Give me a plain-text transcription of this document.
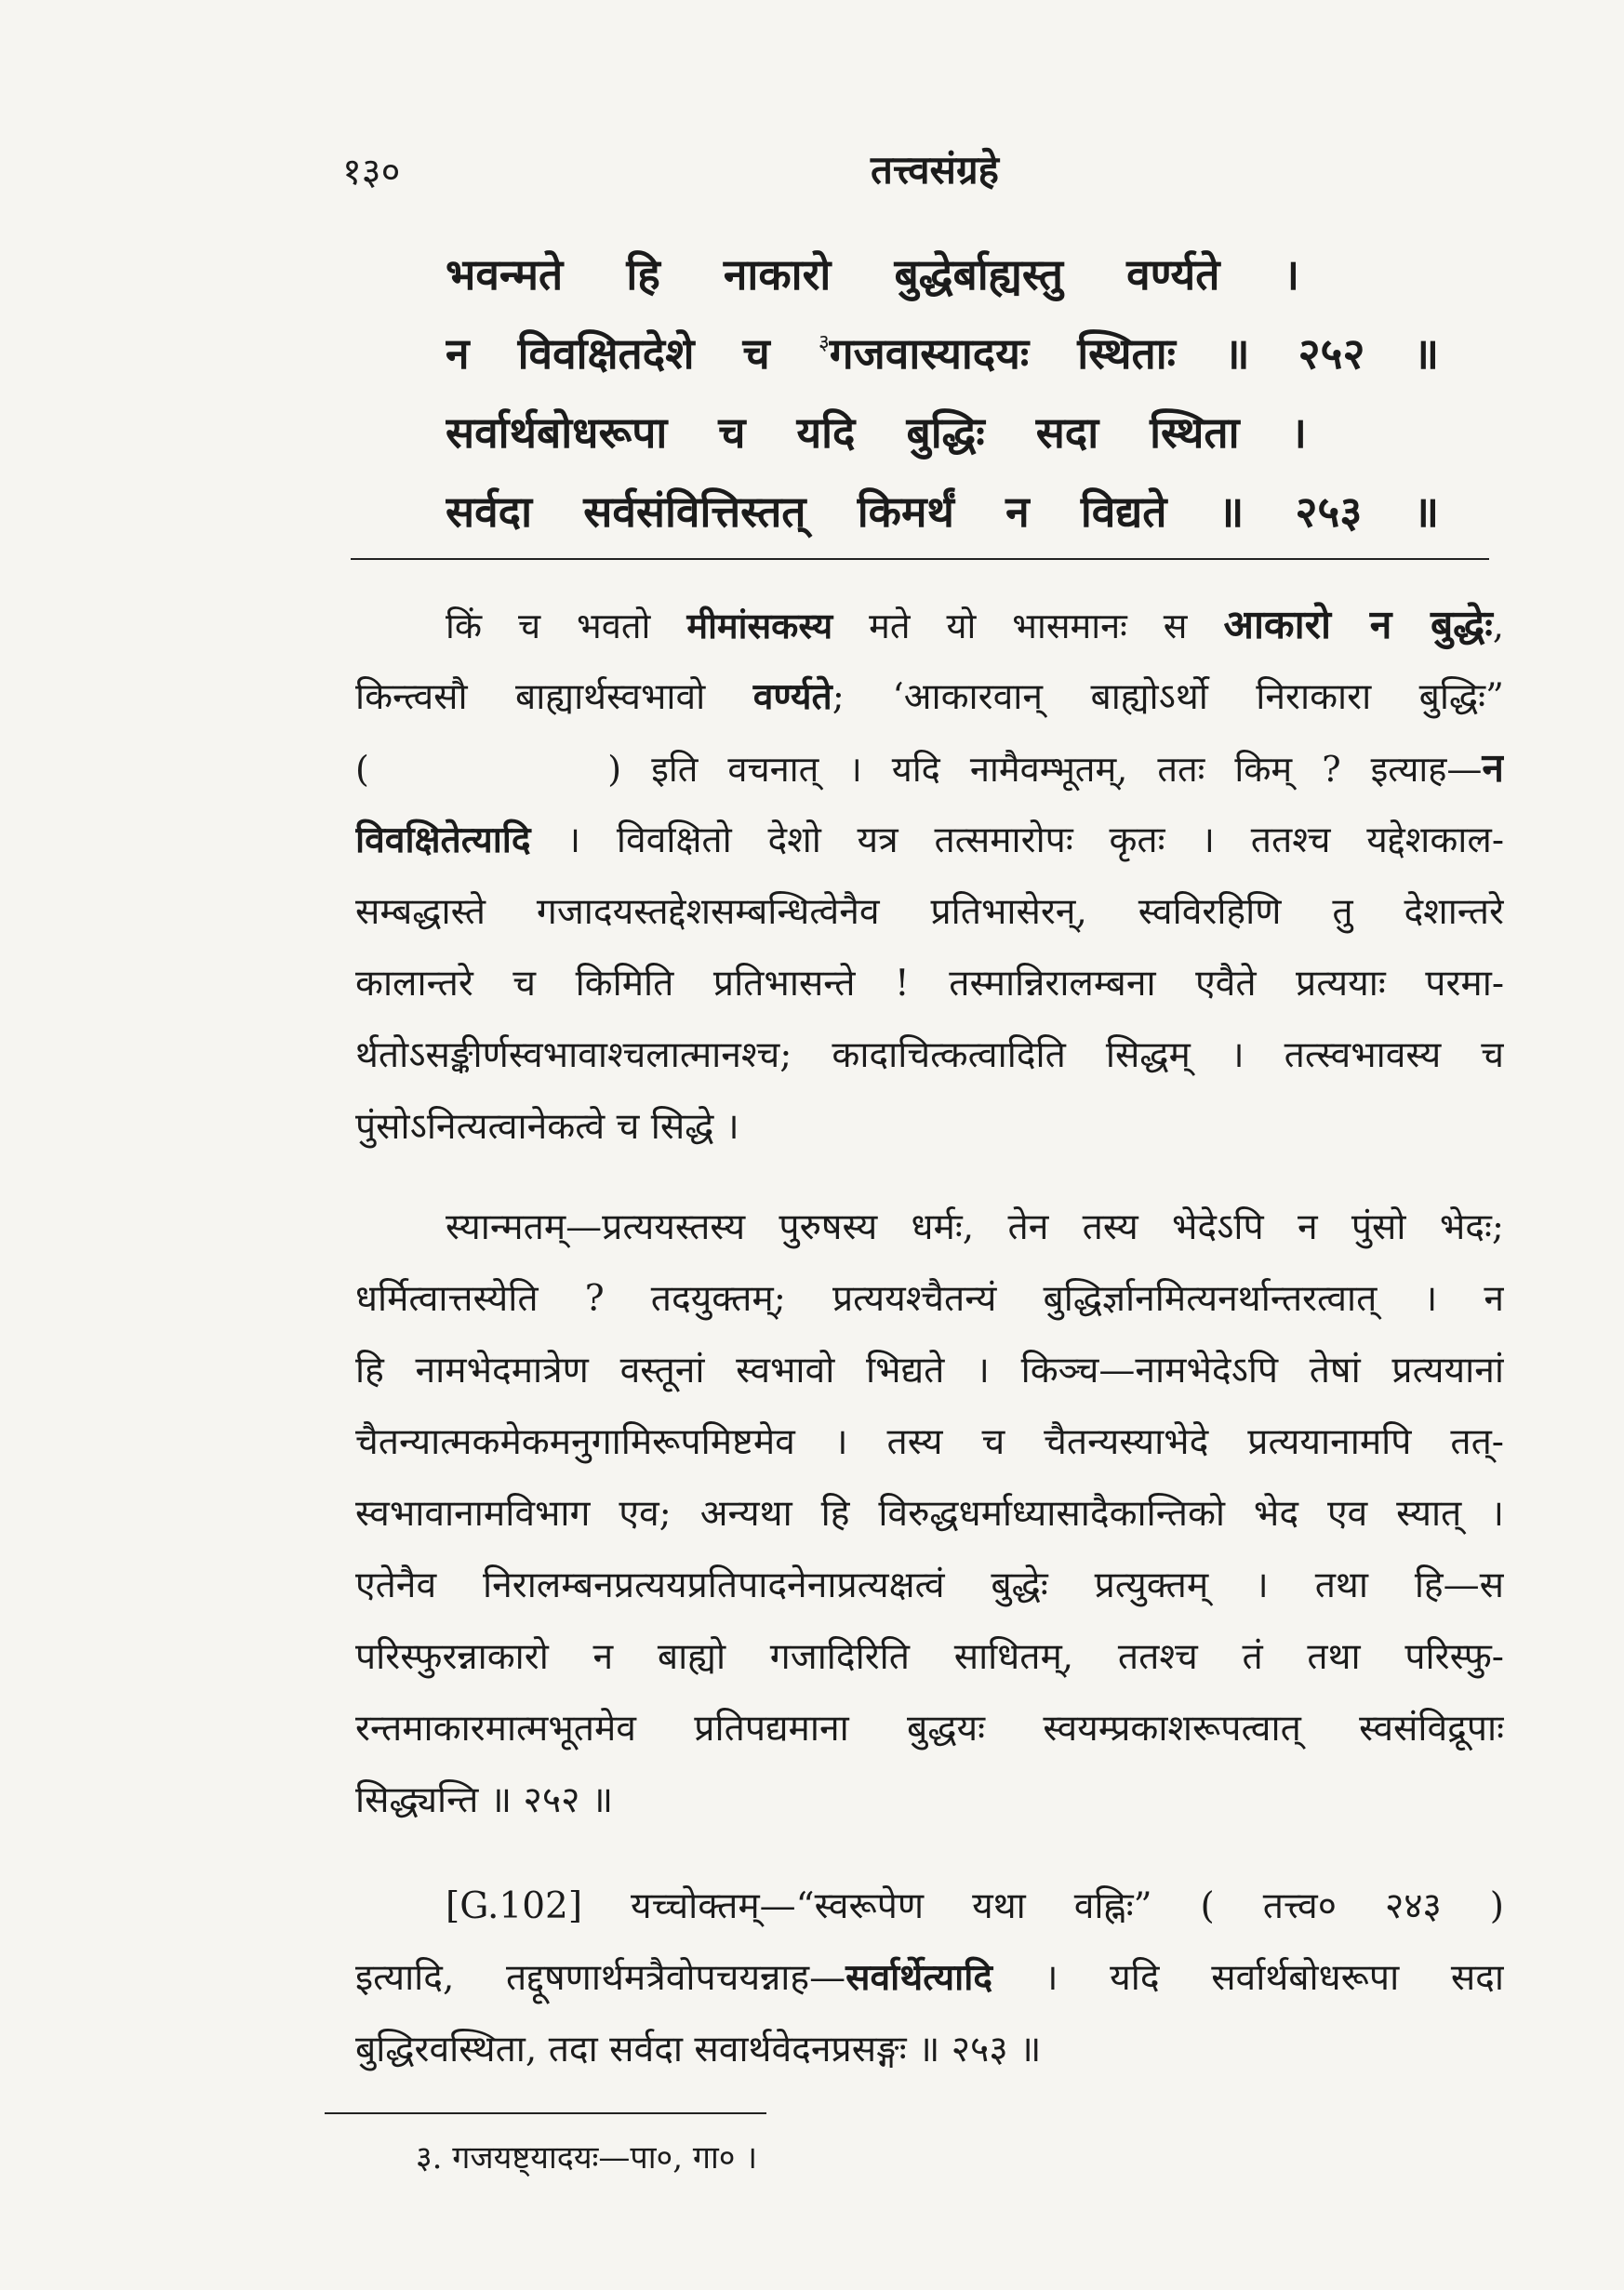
१३०	तत्त्वसंग्रहे
भवन्मते हि नाकारो बुद्धेर्बाह्यस्तु वर्ण्यते ।
न विवक्षितदेशे च $^३$गजवास्यादयः स्थिताः ॥ २५२ ॥
सर्वार्थबोधरूपा च यदि बुद्धिः सदा स्थिता ।
सर्वदा सर्वसंवित्तिस्तत् किमर्थं न विद्यते ॥ २५३ ॥
किं च भवतो मीमांसकस्य मते यो भासमानः स आकारो न बुद्धेः,
किन्त्वसौ बाह्यार्थस्वभावो वर्ण्यते; ‘आकारवान् बाह्योऽर्थो निराकारा बुद्धिः”
(        ) इति वचनात् । यदि नामैवम्भूतम्, ततः किम् ? इत्याह—न
विवक्षितेत्यादि । विवक्षितो देशो यत्र तत्समारोपः कृतः । ततश्च यद्देशकाल-
सम्बद्धास्ते गजादयस्तद्देशसम्बन्धित्वेनैव प्रतिभासेरन्, स्वविरहिणि तु देशान्तरे
कालान्तरे च किमिति प्रतिभासन्ते ! तस्मान्निरालम्बना एवैते प्रत्ययाः परमा-
र्थतोऽसङ्कीर्णस्वभावाश्चलात्मानश्च; कादाचित्कत्वादिति सिद्धम् । तत्स्वभावस्य च
पुंसोऽनित्यत्वानेकत्वे च सिद्धे ।
स्यान्मतम्—प्रत्ययस्तस्य पुरुषस्य धर्मः, तेन तस्य भेदेऽपि न पुंसो भेदः;
धर्मित्वात्तस्येति ? तदयुक्तम्; प्रत्ययश्चैतन्यं बुद्धिर्ज्ञानमित्यनर्थान्तरत्वात् । न
हि नामभेदमात्रेण वस्तूनां स्वभावो भिद्यते । किञ्च—नामभेदेऽपि तेषां प्रत्ययानां
चैतन्यात्मकमेकमनुगामिरूपमिष्टमेव । तस्य च चैतन्यस्याभेदे प्रत्ययानामपि तत्-
स्वभावानामविभाग एव; अन्यथा हि विरुद्धधर्माध्यासादैकान्तिको भेद एव स्यात् ।
एतेनैव निरालम्बनप्रत्ययप्रतिपादनेनाप्रत्यक्षत्वं बुद्धेः प्रत्युक्तम् । तथा हि—स
परिस्फुरन्नाकारो न बाह्यो गजादिरिति साधितम्, ततश्च तं तथा परिस्फु-
रन्तमाकारमात्मभूतमेव प्रतिपद्यमाना बुद्धयः स्वयम्प्रकाशरूपत्वात् स्वसंविद्रूपाः
सिद्ध्यन्ति ॥ २५२ ॥
[G.102] यच्चोक्तम्—“स्वरूपेण यथा वह्निः” ( तत्त्व० २४३ )
इत्यादि, तद्दूषणार्थमत्रैवोपचयन्नाह—सर्वार्थेत्यादि । यदि सर्वार्थबोधरूपा सदा
बुद्धिरवस्थिता, तदा सर्वदा सवार्थवेदनप्रसङ्गः ॥ २५३ ॥
३. गजयष्ट्यादयः—पा०, गा० ।
